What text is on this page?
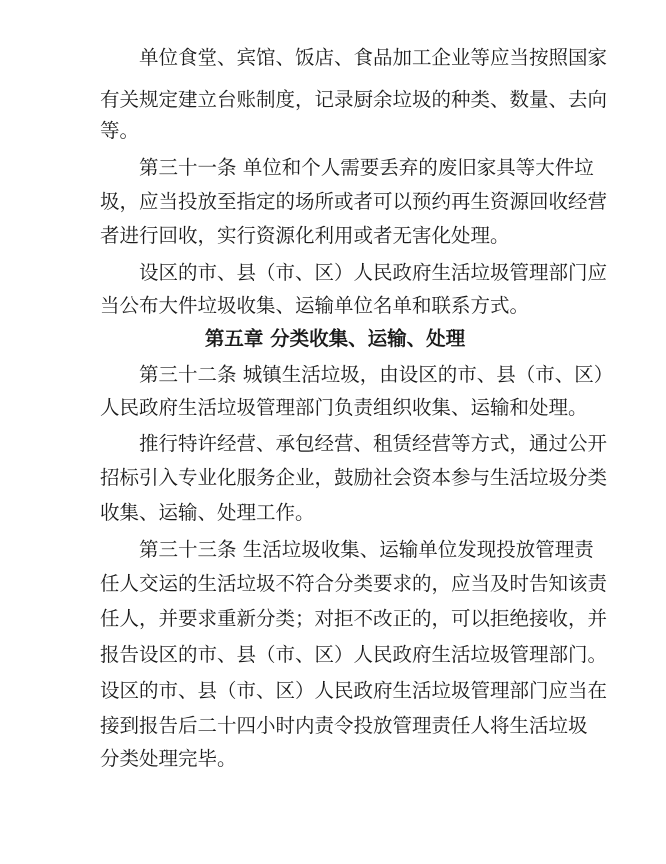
单位食堂、宾馆、饭店、食品加工企业等应当按照国家
有关规定建立台账制度，记录厨余垃圾的种类、数量、去向
等。
第三十一条 单位和个人需要丢弃的废旧家具等大件垃
圾，应当投放至指定的场所或者可以预约再生资源回收经营
者进行回收，实行资源化利用或者无害化处理。
设区的市、县（市、区）人民政府生活垃圾管理部门应
当公布大件垃圾收集、运输单位名单和联系方式。
第五章 分类收集、运输、处理
第三十二条 城镇生活垃圾，由设区的市、县（市、区）
人民政府生活垃圾管理部门负责组织收集、运输和处理。
推行特许经营、承包经营、租赁经营等方式，通过公开
招标引入专业化服务企业，鼓励社会资本参与生活垃圾分类
收集、运输、处理工作。
第三十三条 生活垃圾收集、运输单位发现投放管理责
任人交运的生活垃圾不符合分类要求的，应当及时告知该责
任人，并要求重新分类；对拒不改正的，可以拒绝接收，并
报告设区的市、县（市、区）人民政府生活垃圾管理部门。
设区的市、县（市、区）人民政府生活垃圾管理部门应当在
接到报告后二十四小时内责令投放管理责任人将生活垃圾
分类处理完毕。
